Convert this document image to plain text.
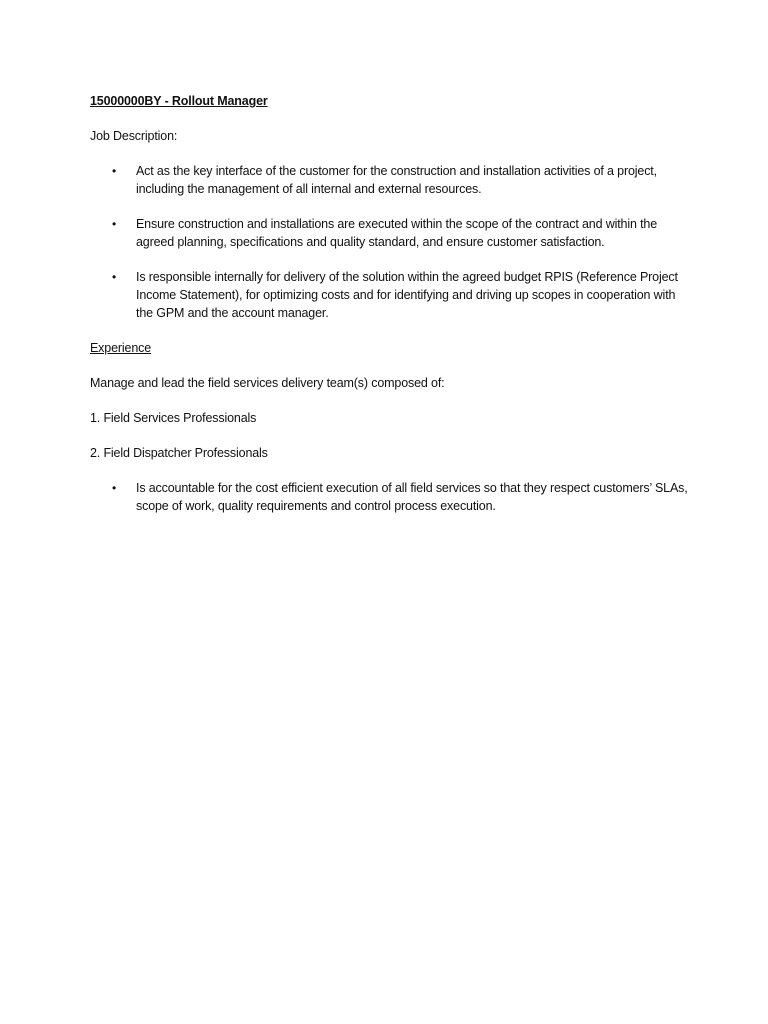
15000000BY - Rollout Manager

Job Description:

• Act as the key interface of the customer for the construction and installation activities of a project, including the management of all internal and external resources.
• Ensure construction and installations are executed within the scope of the contract and within the agreed planning, specifications and quality standard, and ensure customer satisfaction.
• Is responsible internally for delivery of the solution within the agreed budget RPIS (Reference Project Income Statement), for optimizing costs and for identifying and driving up scopes in cooperation with the GPM and the account manager.

Experience

Manage and lead the field services delivery team(s) composed of:

1. Field Services Professionals

2. Field Dispatcher Professionals

• Is accountable for the cost efficient execution of all field services so that they respect customers’ SLAs, scope of work, quality requirements and control process execution.
